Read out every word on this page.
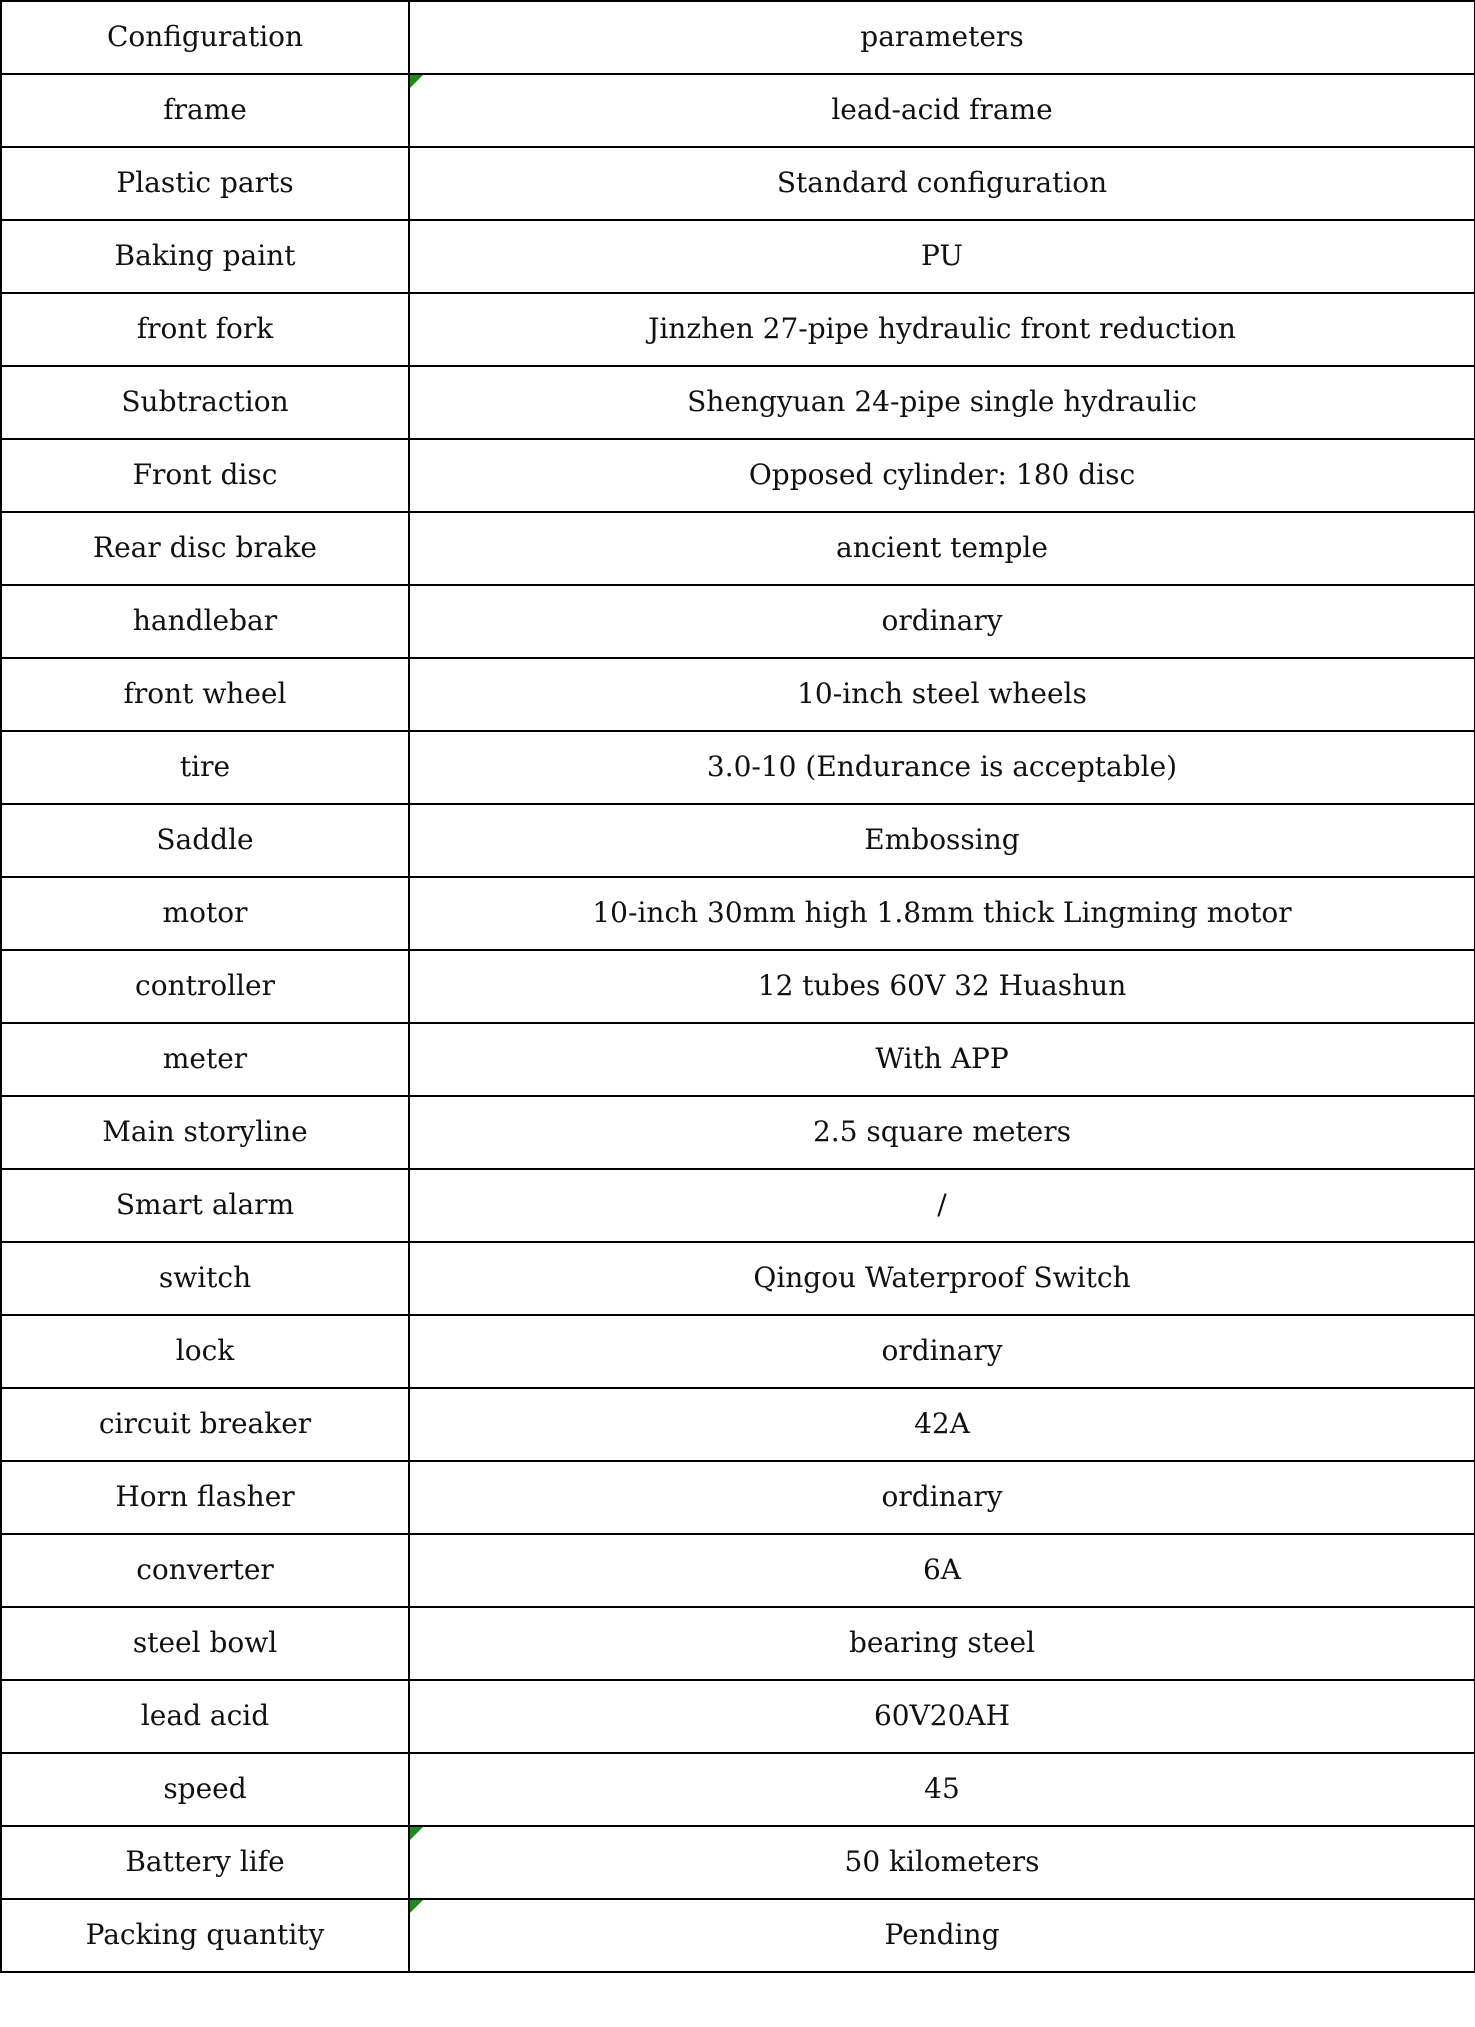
Configuration	parameters
frame	lead-acid frame

Plastic parts	Standard configuration
Baking paint	PU
front fork	Jinzhen 27-pipe hydraulic front reduction
Subtraction	Shengyuan 24-pipe single hydraulic
Front disc	Opposed cylinder: 180 disc
Rear disc brake	ancient temple
handlebar	ordinary
front wheel	10-inch steel wheels
tire	3.0-10 (Endurance is acceptable)
Saddle	Embossing
motor	10-inch 30mm high 1.8mm thick Lingming motor
controller	12 tubes 60V 32 Huashun
meter	With APP
Main storyline	2.5 square meters
Smart alarm	/
switch	Qingou Waterproof Switch
lock	ordinary
circuit breaker	42A
Horn flasher	ordinary
converter	6A
steel bowl	bearing steel
lead acid	60V20AH
speed	45
Battery life	50 kilometers

Packing quantity	Pending
